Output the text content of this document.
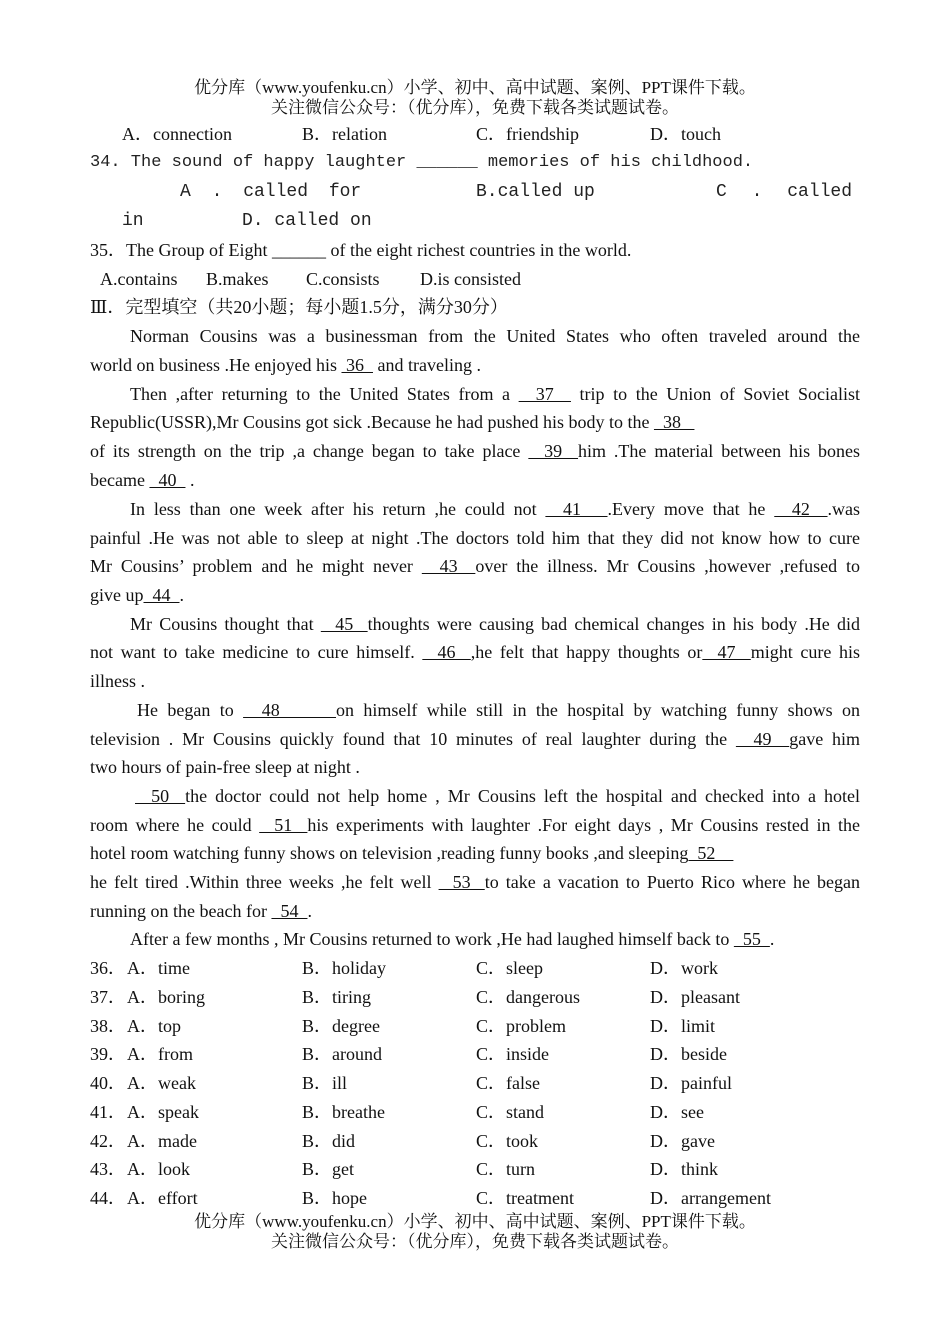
优分库（www.youfenku.cn）小学、初中、高中试题、案例、PPT课件下载。
关注微信公众号：（优分库），免费下载各类试题试卷。
A．connection	B．relation	C．friendship	D．touch
34. The sound of happy laughter ______ memories of his childhood.
A . called for	B.called up	C . called
in	D. called on
35．The Group of Eight ______ of the eight richest countries in the world.
A.contains B.makes C.consists D.is consisted
Ⅲ．完型填空（共20小题；每小题1.5分，满分30分）
Norman Cousins was a businessman from the United States who often traveled around the
world on business .He enjoyed his  36   and traveling .
Then ,after returning to the United States from a   37   trip to the Union of Soviet Socialist
Republic(USSR),Mr Cousins got sick .Because he had pushed his body to the   38
of its strength on the trip ,a change began to take place   39  him .The material between his bones
became   40   .
In less than one week after his return ,he could not   41   .Every move that he   42  .was
painful .He was not able to sleep at night .The doctors told him that they did not know how to cure
Mr Cousins’ problem and he might never   43  over the illness. Mr Cousins ,however ,refused to
give up  44  .
Mr Cousins thought that   45  thoughts were causing bad chemical changes in his body .He did
not want to take medicine to cure himself.   46  ,he felt that happy thoughts or  47  might cure his
illness .
He began to   48      on himself while still in the hospital by watching funny shows on
television . Mr Cousins quickly found that 10 minutes of real laughter during the   49  gave him
two hours of pain-free sleep at night .
50  the doctor could not help home , Mr Cousins left the hospital and checked into a hotel
room where he could   51  his experiments with laughter .For eight days , Mr Cousins rested in the
hotel room watching funny shows on television ,reading funny books ,and sleeping  52
he felt tired .Within three weeks ,he felt well   53  to take a vacation to Puerto Rico where he began
running on the beach for   54  .
After a few months , Mr Cousins returned to work ,He had laughed himself back to   55  .
36． A．time	B．holiday	C．sleep	D．work
37． A．boring	B．tiring	C．dangerous	D．pleasant
38． A．top	B．degree	C．problem	D．limit
39． A．from	B．around	C．inside	D．beside
40． A．weak	B．ill	C．false	D．painful
41． A．speak	B．breathe	C．stand	D．see
42． A．made	B．did	C．took	D．gave
43． A．look	B．get	C．turn	D．think
44． A．effort	B．hope	C．treatment	D．arrangement
优分库（www.youfenku.cn）小学、初中、高中试题、案例、PPT课件下载。
关注微信公众号：（优分库），免费下载各类试题试卷。
